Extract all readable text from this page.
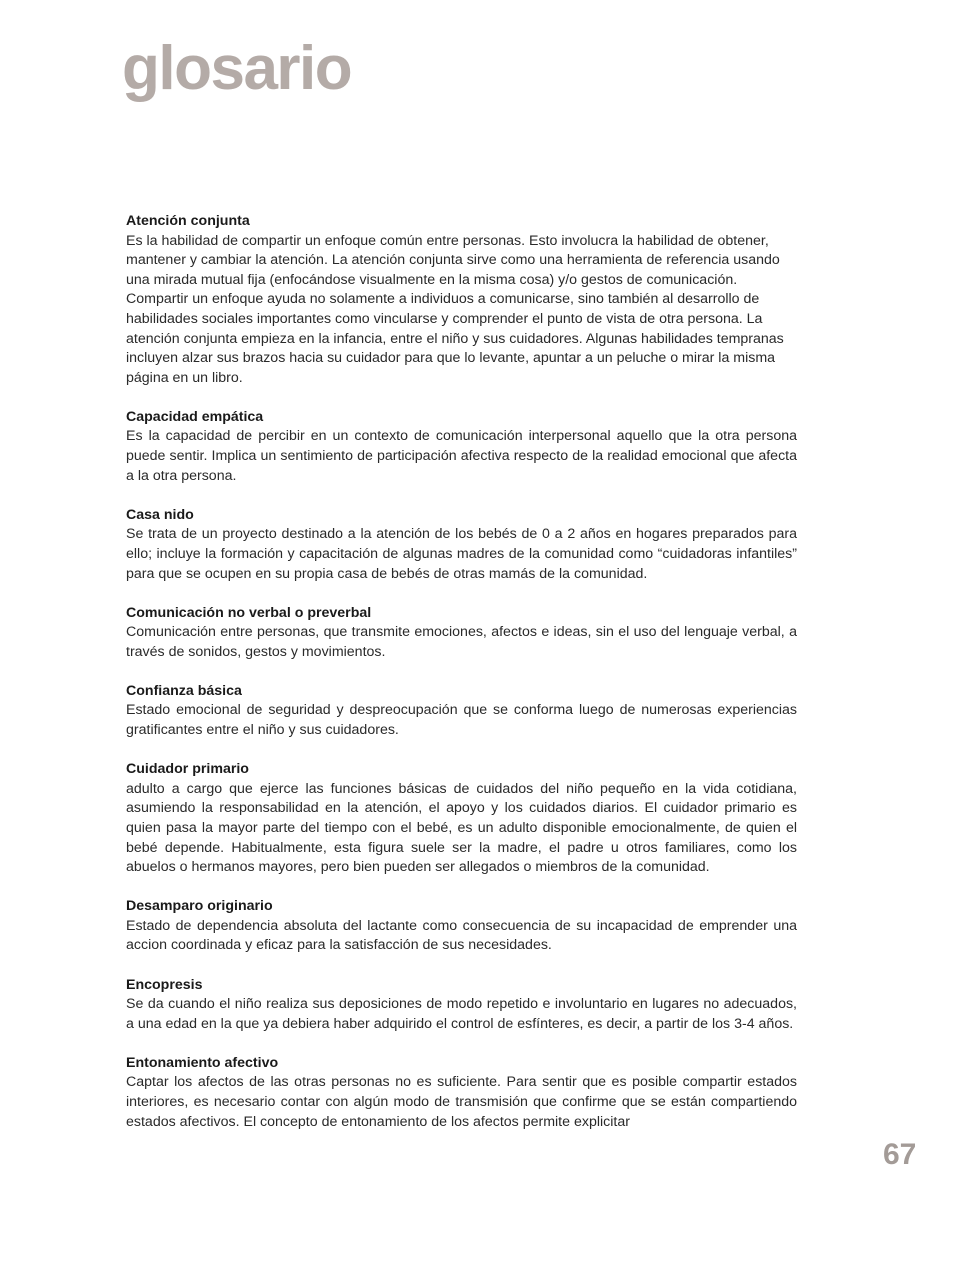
glosario

Atención conjunta

Es la habilidad de compartir un enfoque común entre personas. Esto involucra la habilidad de obtener, mantener y cambiar la atención. La atención conjunta sirve como una herramienta de referencia usando una mirada mutual fija (enfocándose visualmente en la misma cosa) y/o gestos de comunicación. Compartir un enfoque ayuda no solamente a individuos a comunicarse, sino también al desarrollo de habilidades sociales importantes como vincularse y comprender el punto de vista de otra persona. La atención conjunta empieza en la infancia, entre el niño y sus cuidadores. Algunas habilidades tempranas incluyen alzar sus brazos hacia su cuidador para que lo levante, apuntar a un peluche o mirar la misma página en un libro.

Capacidad empática

Es la capacidad de percibir en un contexto de comunicación interpersonal aquello que la otra persona puede sentir. Implica un sentimiento de participación afectiva respecto de la realidad emocional que afecta a la otra persona.

Casa nido

Se trata de un proyecto destinado a la atención de los bebés de 0 a 2 años en hogares preparados para ello; incluye la formación y capacitación de algunas madres de la comunidad como “cuidadoras infantiles” para que se ocupen en su propia casa de bebés de otras mamás de la comunidad.

Comunicación no verbal o preverbal

Comunicación entre personas, que transmite emociones, afectos e ideas, sin el uso del lenguaje verbal, a través de sonidos, gestos y movimientos.

Confianza básica

Estado emocional de seguridad y despreocupación que se conforma luego de numerosas experiencias gratificantes entre el niño y sus cuidadores.

Cuidador primario

adulto a cargo que ejerce las funciones básicas de cuidados del niño pequeño en la vida cotidiana, asumiendo la responsabilidad en la atención, el apoyo y los cuidados diarios. El cuidador primario es quien pasa la mayor parte del tiempo con el bebé, es un adulto disponible emocionalmente, de quien el bebé depende. Habitualmente, esta figura suele ser la madre, el padre u otros familiares, como los abuelos o hermanos mayores, pero bien pueden ser allegados o miembros de la comunidad.

Desamparo originario

Estado de dependencia absoluta del lactante como consecuencia de su incapacidad de emprender una accion coordinada y eficaz para la satisfacción de sus necesidades.

Encopresis

Se da cuando el niño realiza sus deposiciones de modo repetido e involuntario en lugares no adecuados, a una edad en la que ya debiera haber adquirido el control de esfínteres, es decir, a partir de los 3-4 años.

Entonamiento afectivo

Captar los afectos de las otras personas no es suficiente. Para sentir que es posible compartir estados interiores, es necesario contar con algún modo de transmisión que confirme que se están compartiendo estados afectivos. El concepto de entonamiento de los afectos permite explicitar

67
